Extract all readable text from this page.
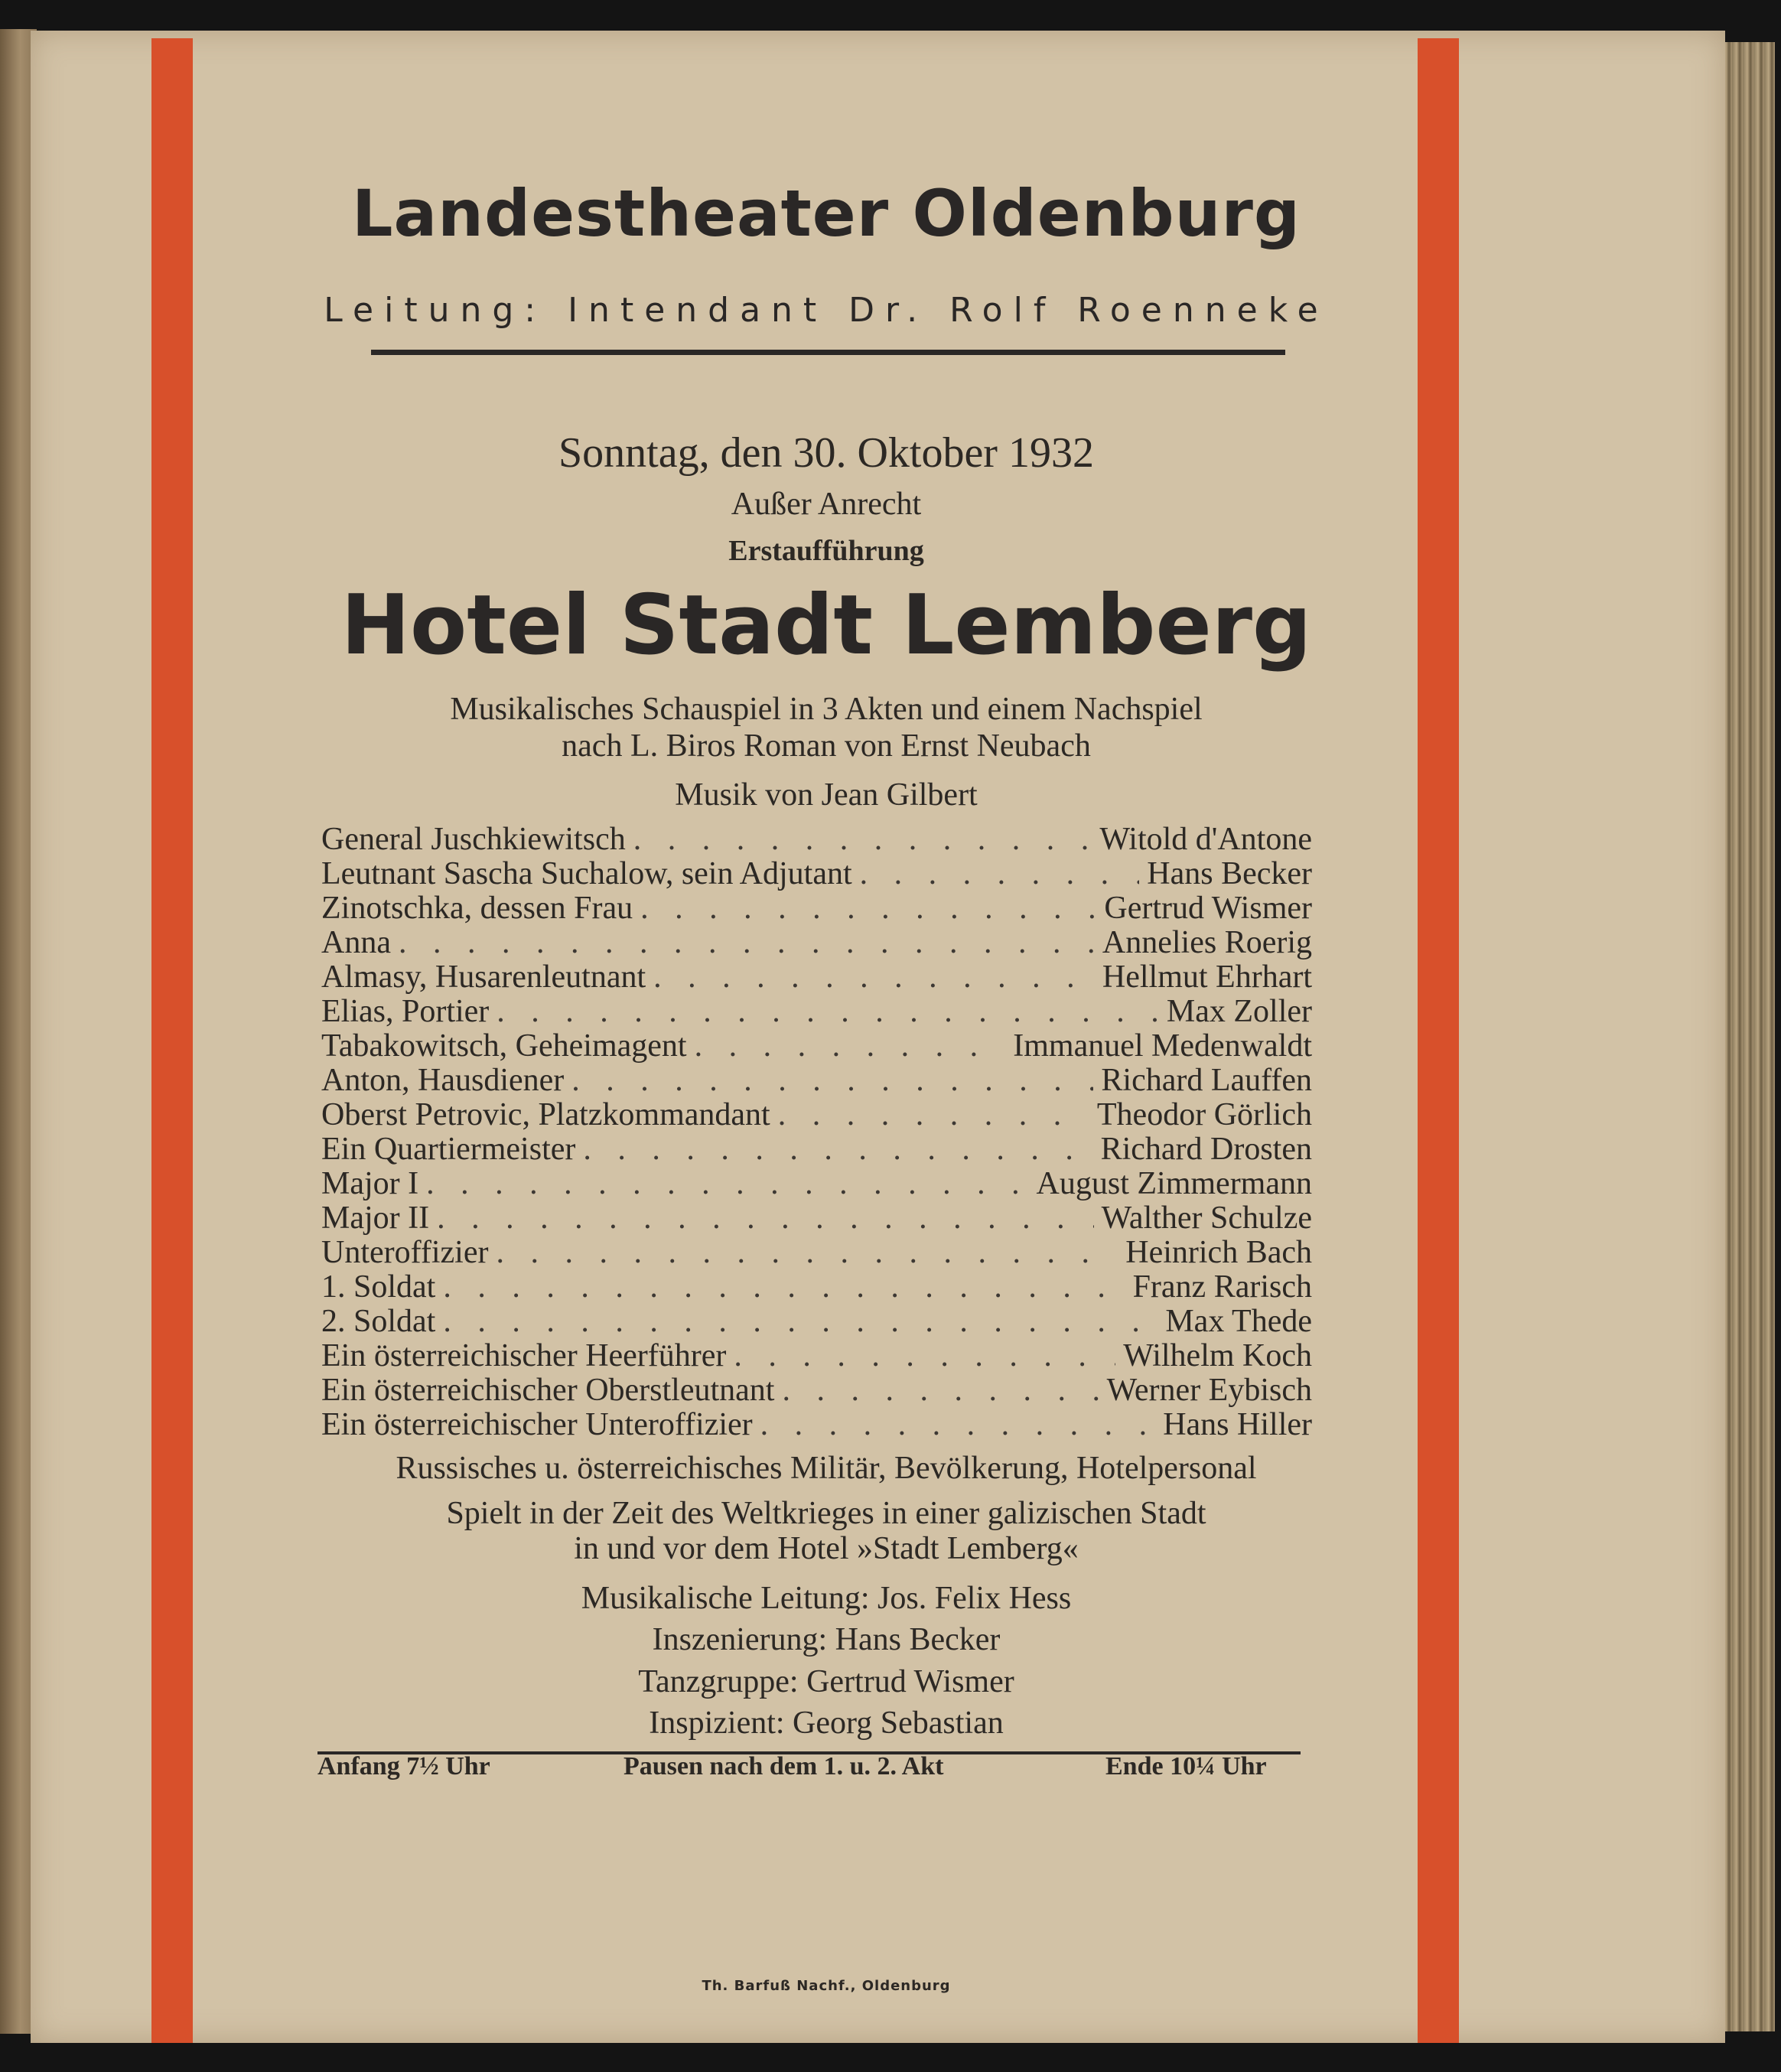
Landestheater Oldenburg
Leitung: Intendant Dr. Rolf Roenneke
Sonntag, den 30. Oktober 1932
Außer Anrecht
Erstaufführung
Hotel Stadt Lemberg
Musikalisches Schauspiel in 3 Akten und einem Nachspiel
nach L. Biros Roman von Ernst Neubach
Musik von Jean Gilbert
General Juschkiewitsch . . .	Witold d'Antone
Leutnant Sascha Suchalow, sein Adjutant . . .	Hans Becker
Zinotschka, dessen Frau . . .	Gertrud Wismer
Anna . . .	Annelies Roerig
Almasy, Husarenleutnant . . .	Hellmut Ehrhart
Elias, Portier . . .	Max Zoller
Tabakowitsch, Geheimagent . . .	Immanuel Medenwaldt
Anton, Hausdiener . . .	Richard Lauffen
Oberst Petrovic, Platzkommandant . . .	Theodor Görlich
Ein Quartiermeister . . .	Richard Drosten
Major I . . .	August Zimmermann
Major II . . .	Walther Schulze
Unteroffizier . . .	Heinrich Bach
1. Soldat . . .	Franz Rarisch
2. Soldat . . .	Max Thede
Ein österreichischer Heerführer . . .	Wilhelm Koch
Ein österreichischer Oberstleutnant . . .	Werner Eybisch
Ein österreichischer Unteroffizier . . .	Hans Hiller
Russisches u. österreichisches Militär, Bevölkerung, Hotelpersonal
Spielt in der Zeit des Weltkrieges in einer galizischen Stadt
in und vor dem Hotel »Stadt Lemberg«
Musikalische Leitung: Jos. Felix Hess
Inszenierung: Hans Becker
Tanzgruppe: Gertrud Wismer
Inspizient: Georg Sebastian
Anfang 7½ Uhr	Pausen nach dem 1. u. 2. Akt	Ende 10¼ Uhr
Th. Barfuß Nachf., Oldenburg
